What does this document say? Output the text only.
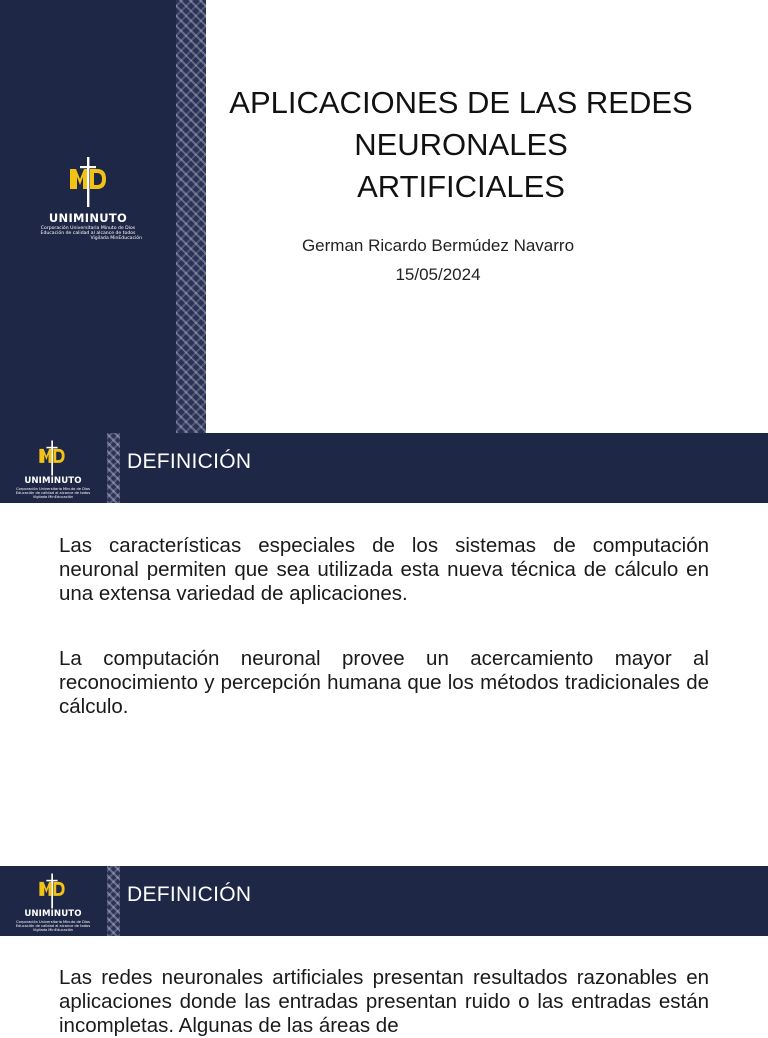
UNIMINUTO
Corporación Universitaria Minuto de Dios
Educación de calidad al alcance de todos
Vigilada MinEducación
APLICACIONES DE LAS REDES
NEURONALES
ARTIFICIALES
German Ricardo Bermúdez Navarro
15/05/2024
UNIMINUTO
Corporación Universitaria Minuto de Dios
Educación de calidad al alcance de todos
Vigilada MinEducación
DEFINICIÓN

Las características especiales de los sistemas de computación neuronal permiten que sea utilizada esta nueva técnica de cálculo en una extensa variedad de aplicaciones.

La computación neuronal provee un acercamiento mayor al reconocimiento y percepción humana que los métodos tradicionales de cálculo.

UNIMINUTO
Corporación Universitaria Minuto de Dios
Educación de calidad al alcance de todos
Vigilada MinEducación
DEFINICIÓN

Las redes neuronales artificiales presentan resultados razonables en aplicaciones donde las entradas presentan ruido o las entradas están incompletas. Algunas de las áreas de
